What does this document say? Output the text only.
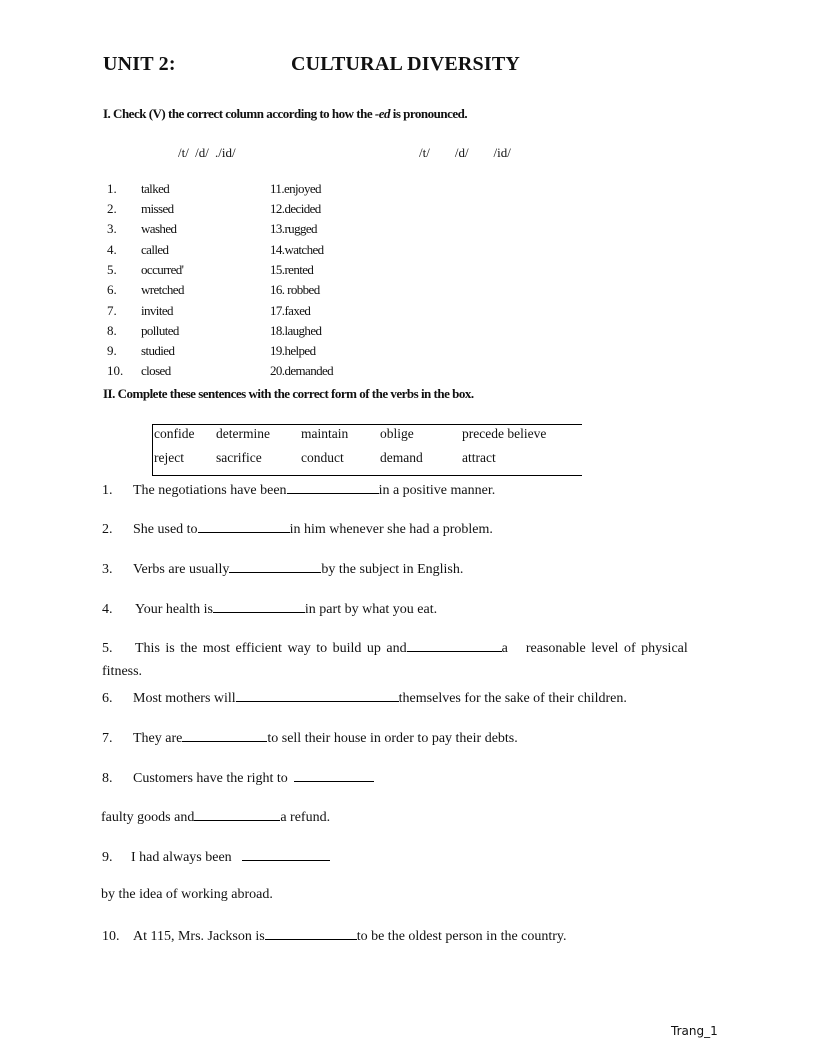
UNIT 2:	CULTURAL DIVERSITY
I. Check (V) the correct column according to how the -ed is pronounced.
/t/ /d/ ./id/	/t/    /d/    /id/
1. talked
2. missed
3. washed
4. called
5. occurred'
6. wretched
7. invited
8. polluted
9. studied
10. closed
11.enjoyed
12.decided
13.rugged
14.watched
15.rented
16. robbed
17.faxed
18.laughed
19.helped
20.demanded
II. Complete these sentences with the correct form of the verbs in the box.
confide determine maintain oblige	precede believe
reject sacrifice	conduct	demand	attract
1. The negotiations have been	in a positive manner.
2. She used to	in him whenever she had a problem.
3. Verbs are usually	by the subject in English.
4. Your health is	in part by what you eat.
5. This is the most efficient way to build up and	a reasonable level of physical
fitness.
6. Most mothers will	themselves for the sake of their children.
7. They are	to sell their house in order to pay their debts.
8. Customers have the right to
faulty goods and	a refund.
9. I had always been
by the idea of working abroad.
10. At 115, Mrs. Jackson is	to be the oldest person in the country.
Trang_1
